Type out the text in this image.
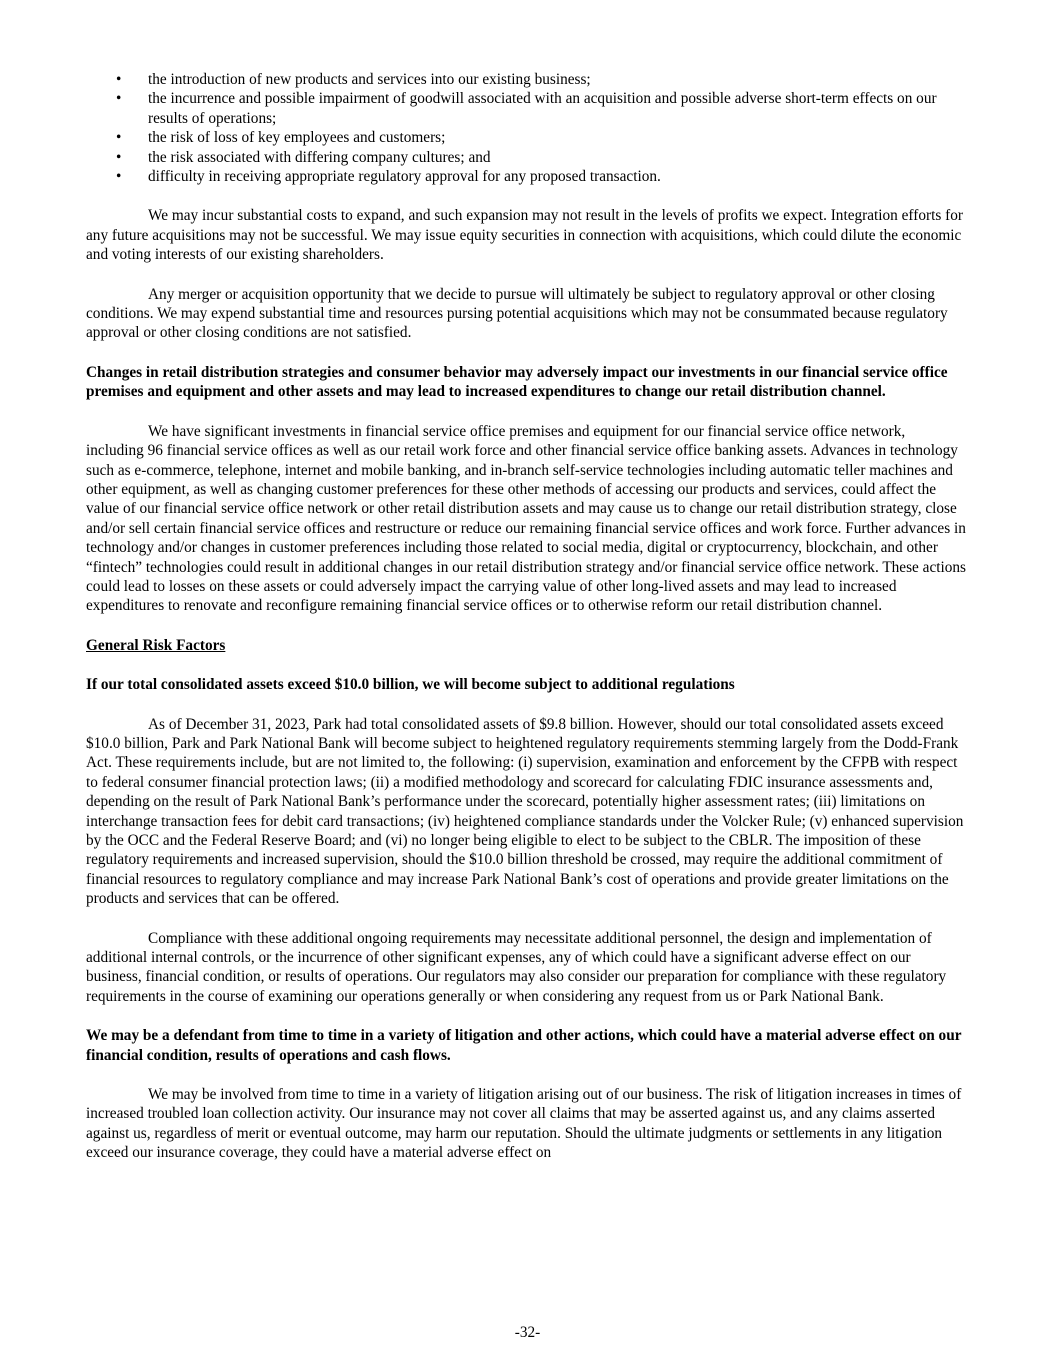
• the introduction of new products and services into our existing business;
• the incurrence and possible impairment of goodwill associated with an acquisition and possible adverse short-term effects on our results of operations;
• the risk of loss of key employees and customers;
• the risk associated with differing company cultures; and
• difficulty in receiving appropriate regulatory approval for any proposed transaction.

We may incur substantial costs to expand, and such expansion may not result in the levels of profits we expect. Integration efforts for any future acquisitions may not be successful. We may issue equity securities in connection with acquisitions, which could dilute the economic and voting interests of our existing shareholders.

Any merger or acquisition opportunity that we decide to pursue will ultimately be subject to regulatory approval or other closing conditions. We may expend substantial time and resources pursing potential acquisitions which may not be consummated because regulatory approval or other closing conditions are not satisfied.

Changes in retail distribution strategies and consumer behavior may adversely impact our investments in our financial service office premises and equipment and other assets and may lead to increased expenditures to change our retail distribution channel.

We have significant investments in financial service office premises and equipment for our financial service office network, including 96 financial service offices as well as our retail work force and other financial service office banking assets. Advances in technology such as e-commerce, telephone, internet and mobile banking, and in-branch self-service technologies including automatic teller machines and other equipment, as well as changing customer preferences for these other methods of accessing our products and services, could affect the value of our financial service office network or other retail distribution assets and may cause us to change our retail distribution strategy, close and/or sell certain financial service offices and restructure or reduce our remaining financial service offices and work force. Further advances in technology and/or changes in customer preferences including those related to social media, digital or cryptocurrency, blockchain, and other “fintech” technologies could result in additional changes in our retail distribution strategy and/or financial service office network. These actions could lead to losses on these assets or could adversely impact the carrying value of other long-lived assets and may lead to increased expenditures to renovate and reconfigure remaining financial service offices or to otherwise reform our retail distribution channel.

General Risk Factors

If our total consolidated assets exceed $10.0 billion, we will become subject to additional regulations

As of December 31, 2023, Park had total consolidated assets of $9.8 billion. However, should our total consolidated assets exceed $10.0 billion, Park and Park National Bank will become subject to heightened regulatory requirements stemming largely from the Dodd-Frank Act. These requirements include, but are not limited to, the following: (i) supervision, examination and enforcement by the CFPB with respect to federal consumer financial protection laws; (ii) a modified methodology and scorecard for calculating FDIC insurance assessments and, depending on the result of Park National Bank’s performance under the scorecard, potentially higher assessment rates; (iii) limitations on interchange transaction fees for debit card transactions; (iv) heightened compliance standards under the Volcker Rule; (v) enhanced supervision by the OCC and the Federal Reserve Board; and (vi) no longer being eligible to elect to be subject to the CBLR. The imposition of these regulatory requirements and increased supervision, should the $10.0 billion threshold be crossed, may require the additional commitment of financial resources to regulatory compliance and may increase Park National Bank’s cost of operations and provide greater limitations on the products and services that can be offered.

Compliance with these additional ongoing requirements may necessitate additional personnel, the design and implementation of additional internal controls, or the incurrence of other significant expenses, any of which could have a significant adverse effect on our business, financial condition, or results of operations. Our regulators may also consider our preparation for compliance with these regulatory requirements in the course of examining our operations generally or when considering any request from us or Park National Bank.

We may be a defendant from time to time in a variety of litigation and other actions, which could have a material adverse effect on our financial condition, results of operations and cash flows.

We may be involved from time to time in a variety of litigation arising out of our business. The risk of litigation increases in times of increased troubled loan collection activity. Our insurance may not cover all claims that may be asserted against us, and any claims asserted against us, regardless of merit or eventual outcome, may harm our reputation. Should the ultimate judgments or settlements in any litigation exceed our insurance coverage, they could have a material adverse effect on

-32-
